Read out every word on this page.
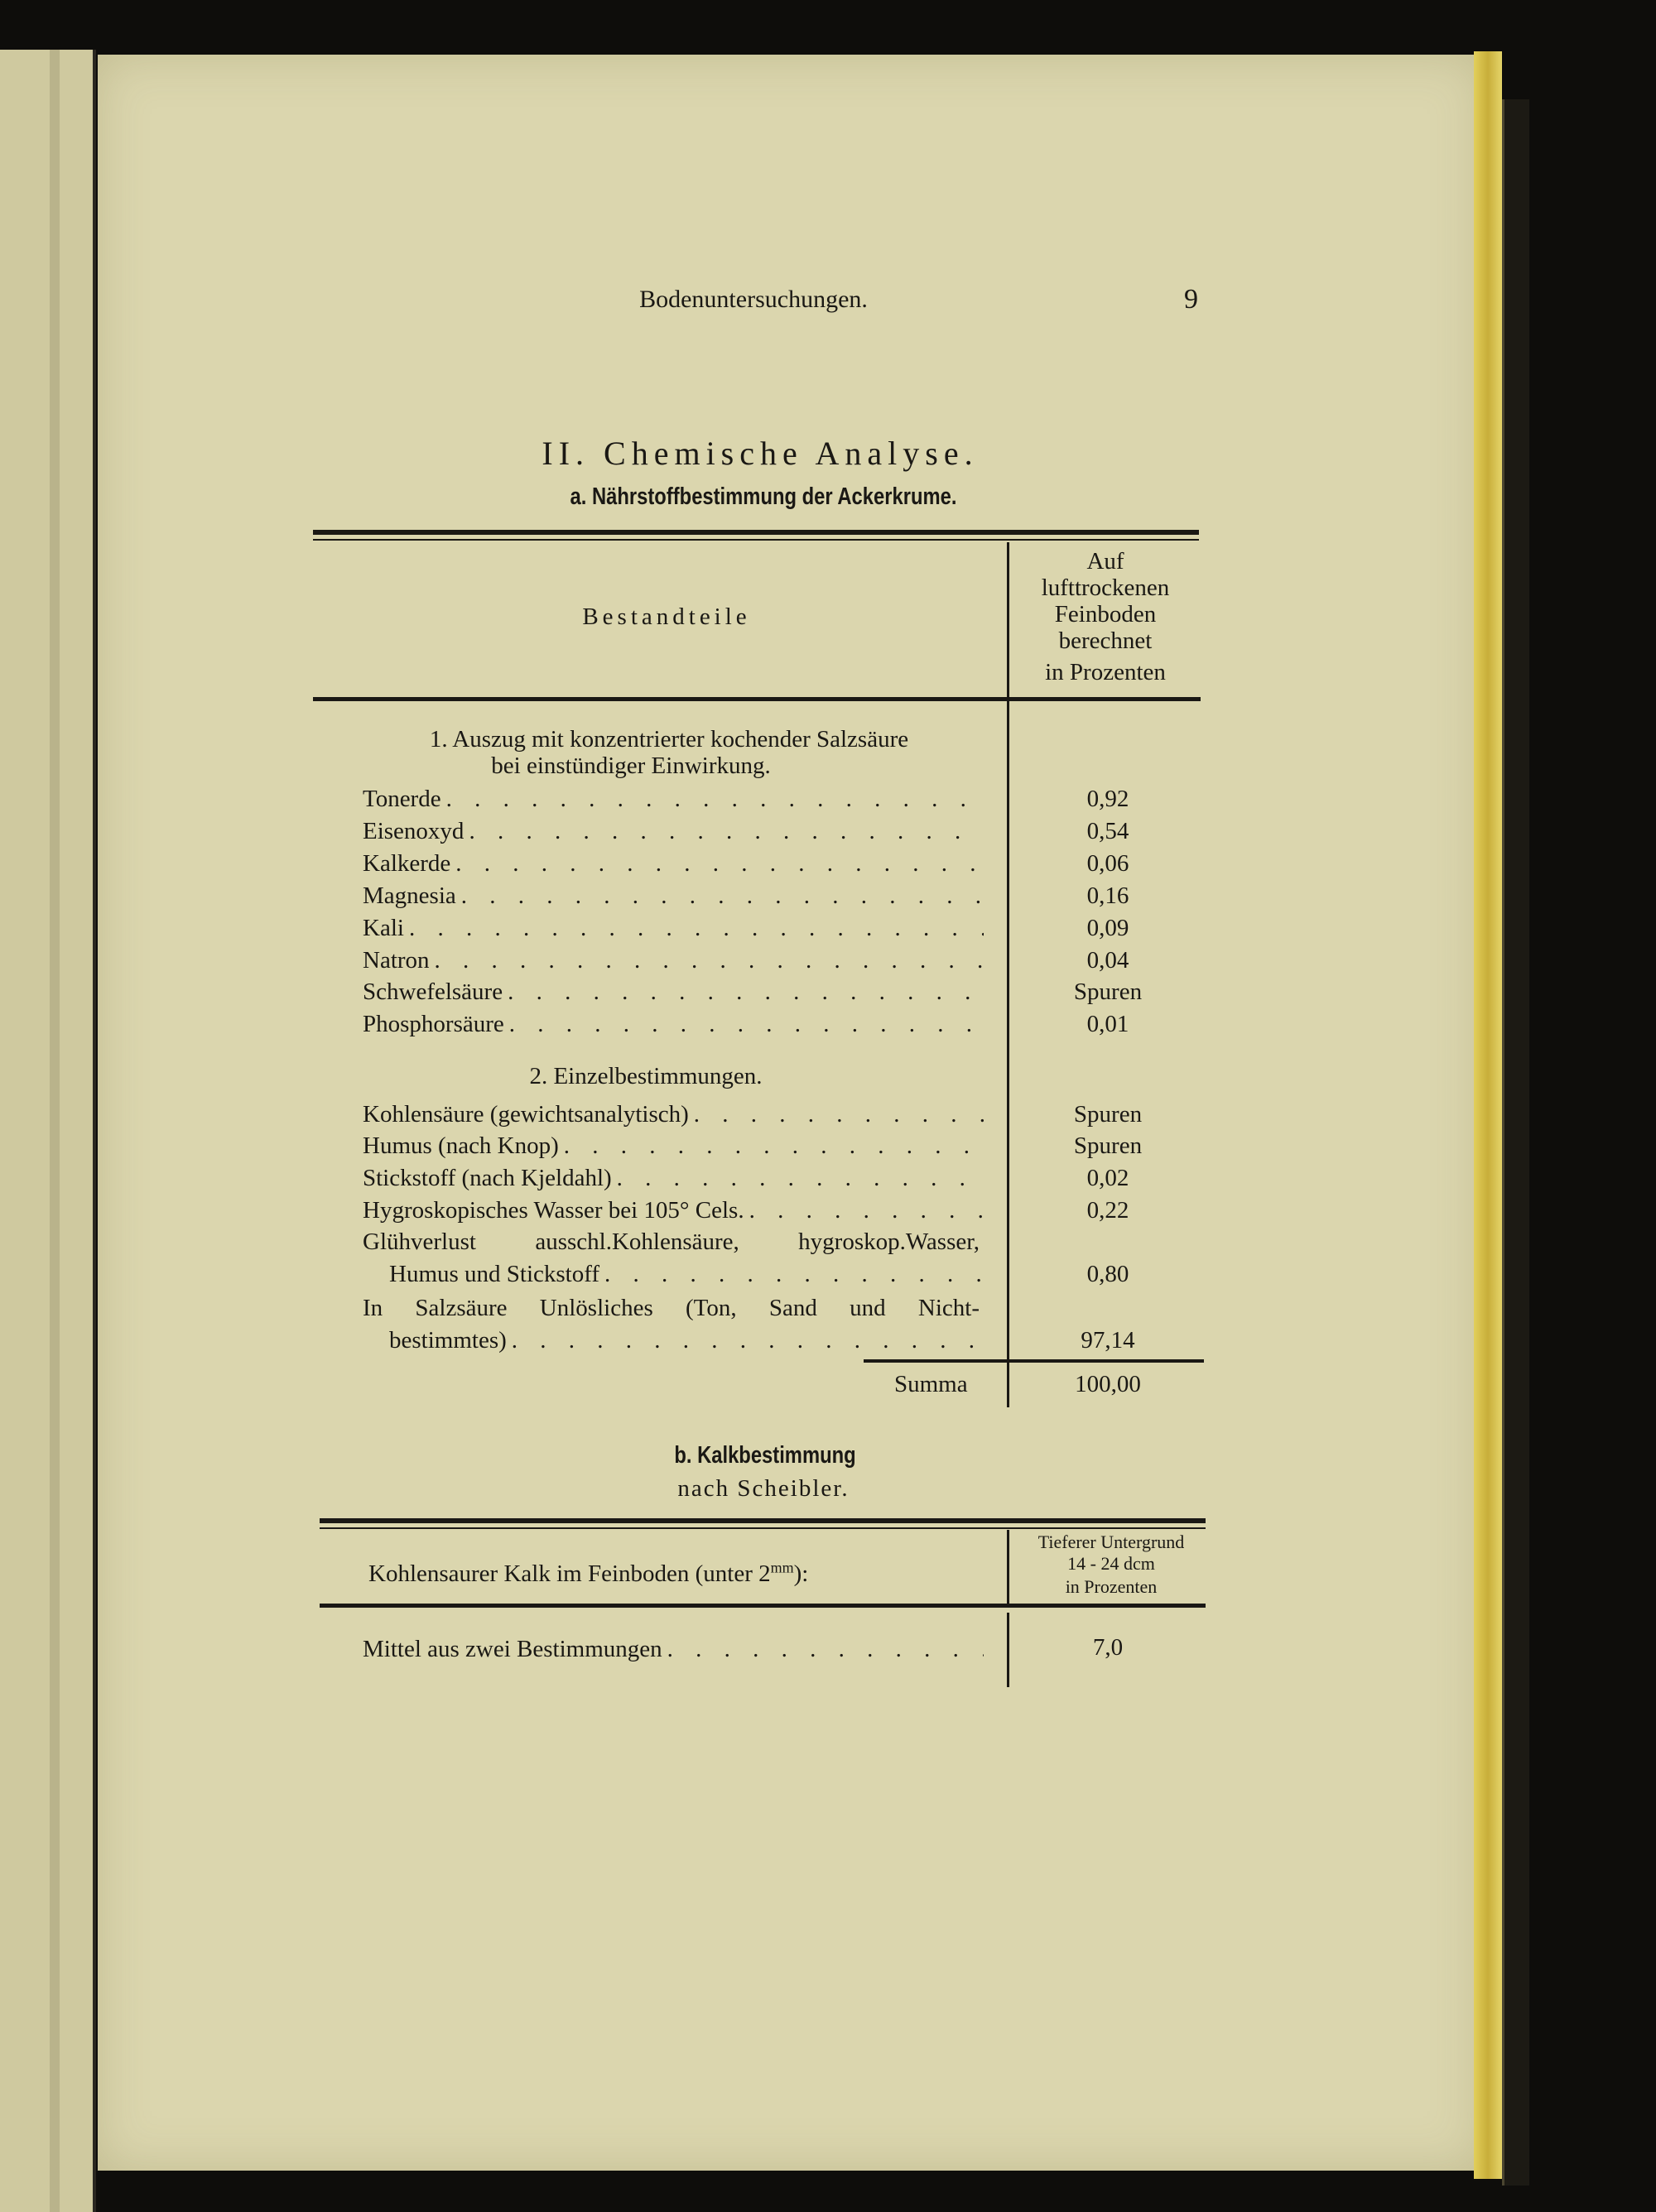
Bodenuntersuchungen.	9
II. Chemische Analyse.
a. Nährstoffbestimmung der Ackerkrume.
Bestandteile
Auf
lufttrockenen
Feinboden
berechnet
in Prozenten
1. Auszug mit konzentrierter kochender Salzsäure
bei einstündiger Einwirkung.
Tonerde . . .	0,92
Eisenoxyd . . .	0,54
Kalkerde . . .	0,06
Magnesia . . .	0,16
Kali . . .	0,09
Natron . . .	0,04
Schwefelsäure . . .	Spuren
Phosphorsäure . . .	0,01
2. Einzelbestimmungen.
Kohlensäure (gewichtsanalytisch) . . .	Spuren
Humus (nach Knop) . . .	Spuren
Stickstoff (nach Kjeldahl) . . .	0,02
Hygroskopisches Wasser bei 105° Cels. . . .	0,22
Glühverlust ausschl.Kohlensäure, hygroskop.Wasser,
Humus und Stickstoff . . .	0,80
In Salzsäure Unlösliches (Ton, Sand und Nicht-
bestimmtes) . . .	97,14
Summa	100,00
b. Kalkbestimmung
nach Scheibler.
Kohlensaurer Kalk im Feinboden (unter $2^{mm}$):
Tieferer Untergrund
14 - 24 dcm
in Prozenten
Mittel aus zwei Bestimmungen . . .	7,0
